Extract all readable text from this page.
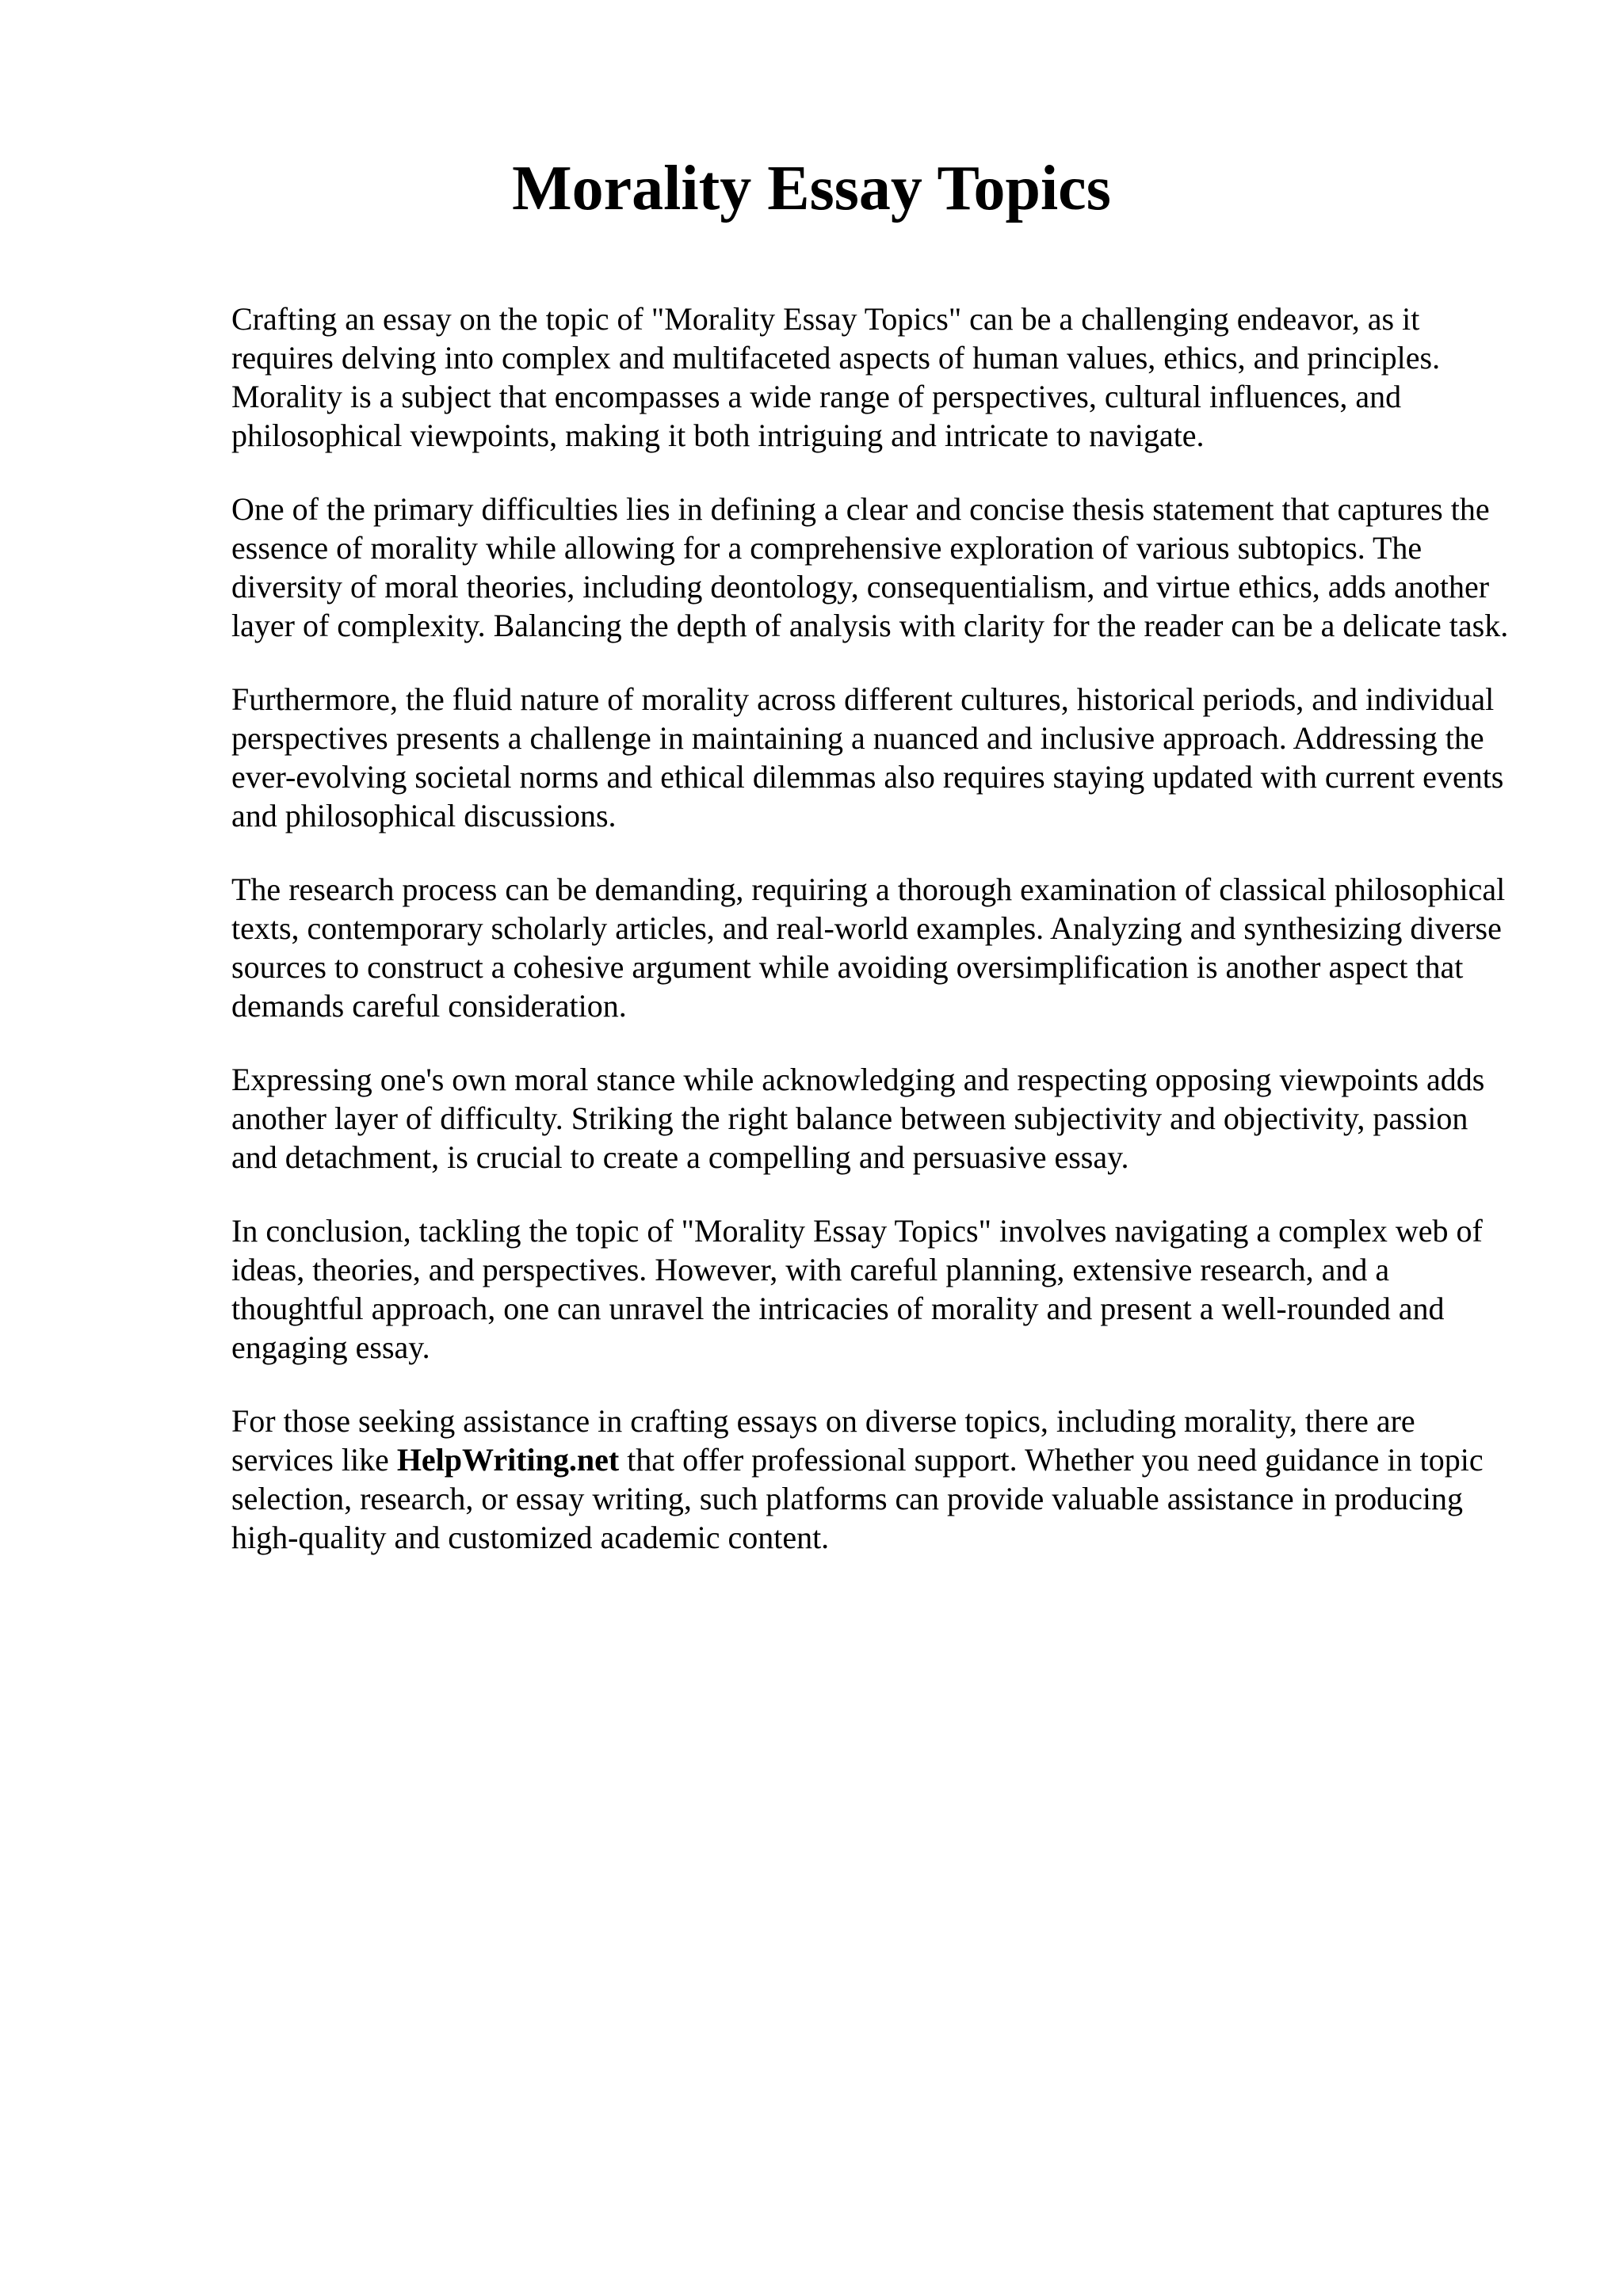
Morality Essay Topics

Crafting an essay on the topic of "Morality Essay Topics" can be a challenging endeavor, as it requires delving into complex and multifaceted aspects of human values, ethics, and principles. Morality is a subject that encompasses a wide range of perspectives, cultural influences, and philosophical viewpoints, making it both intriguing and intricate to navigate.

One of the primary difficulties lies in defining a clear and concise thesis statement that captures the essence of morality while allowing for a comprehensive exploration of various subtopics. The diversity of moral theories, including deontology, consequentialism, and virtue ethics, adds another layer of complexity. Balancing the depth of analysis with clarity for the reader can be a delicate task.

Furthermore, the fluid nature of morality across different cultures, historical periods, and individual perspectives presents a challenge in maintaining a nuanced and inclusive approach. Addressing the ever-evolving societal norms and ethical dilemmas also requires staying updated with current events and philosophical discussions.

The research process can be demanding, requiring a thorough examination of classical philosophical texts, contemporary scholarly articles, and real-world examples. Analyzing and synthesizing diverse sources to construct a cohesive argument while avoiding oversimplification is another aspect that demands careful consideration.

Expressing one's own moral stance while acknowledging and respecting opposing viewpoints adds another layer of difficulty. Striking the right balance between subjectivity and objectivity, passion and detachment, is crucial to create a compelling and persuasive essay.

In conclusion, tackling the topic of "Morality Essay Topics" involves navigating a complex web of ideas, theories, and perspectives. However, with careful planning, extensive research, and a thoughtful approach, one can unravel the intricacies of morality and present a well-rounded and engaging essay.

For those seeking assistance in crafting essays on diverse topics, including morality, there are services like HelpWriting.net that offer professional support. Whether you need guidance in topic selection, research, or essay writing, such platforms can provide valuable assistance in producing high-quality and customized academic content.
